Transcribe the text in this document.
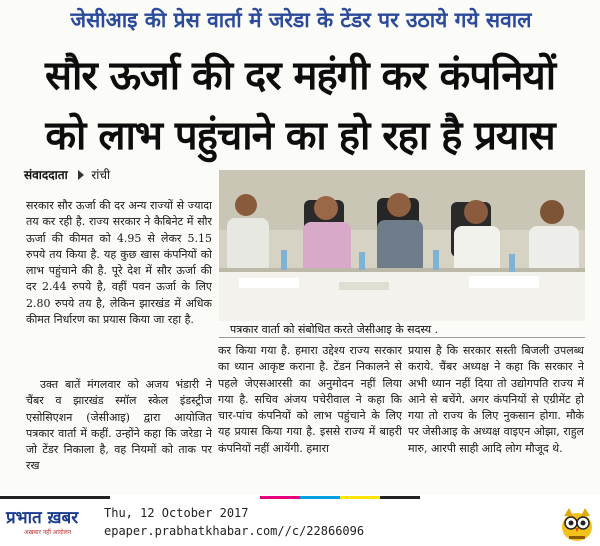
जेसीआइ की प्रेस वार्ता में जरेडा के टेंडर पर उठाये गये सवाल
सौर ऊर्जा की दर महंगी कर कंपनियों
को लाभ पहुंचाने का हो रहा है प्रयास
संवाददाता रांची

सरकार सौर ऊर्जा की दर अन्य राज्यों से ज्यादा तय कर रही है. राज्य सरकार ने कैबिनेट में सौर ऊर्जा की कीमत को 4.95 से लेकर 5.15 रुपये तय किया है. यह कुछ खास कंपनियों को लाभ पहुंचाने की है. पूरे देश में सौर ऊर्जा की दर 2.44 रुपये है, वहीं पवन ऊर्जा के लिए 2.80 रुपये तय है, लेकिन झारखंड में अधिक कीमत निर्धारण का प्रयास किया जा रहा है.

उक्त बातें मंगलवार को अजय भंडारी ने चैंबर व झारखंड स्मॉल स्केल इंडस्ट्रीज एसोसिएशन (जेसीआइ) द्वारा आयोजित पत्रकार वार्ता में कहीं. उन्होंने कहा कि जरेडा ने जो टेंडर निकाला है, वह नियमों को ताक पर रख

पत्रकार वार्ता को संबोधित करते जेसीआइ के सदस्य .

कर किया गया है. हमारा उद्देश्य राज्य सरकार का ध्यान आकृष्ट कराना है. टेंडन निकालने से पहले जेएसआरसी का अनुमोदन नहीं लिया गया है. सचिव अंजय पचेरीवाल ने कहा कि चार-पांच कंपनियों को लाभ पहुंचाने के लिए यह प्रयास किया गया है. इससे राज्य में बाहरी कंपनियों नहीं आयेंगी. हमारा

प्रयास है कि सरकार सस्ती बिजली उपलब्ध कराये. चैंबर अध्यक्ष ने कहा कि सरकार ने अभी ध्यान नहीं दिया तो उद्योगपति राज्य में आने से बचेंगे. अगर कंपनियों से एग्रीमेंट हो गया तो राज्य के लिए नुकसान होगा. मौके पर जेसीआइ के अध्यक्ष वाइएन ओझा, राहुल मारु, आरपी साही आदि लोग मौजूद थे.

प्रभात ख़बर
अख़बार नहीं आंदोलन
Thu, 12 October 2017
epaper.prabhatkhabar.com//c/22866096
